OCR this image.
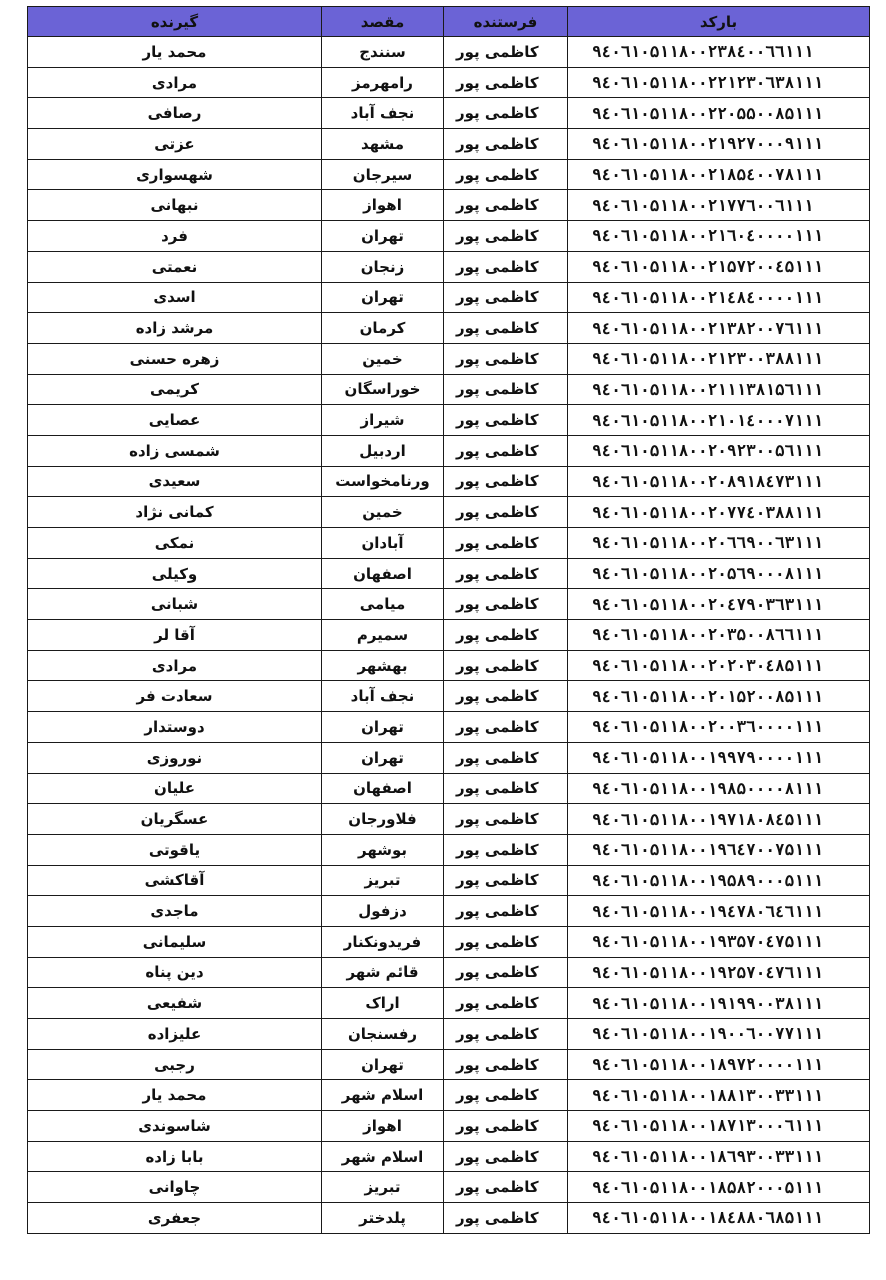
بارکد	فرستنده	مقصد	گیرنده
۹٤۰٦۱۰۵۱۱۸۰۰۲۳۸٤۰۰٦٦۱۱۱	کاظمی پور	سنندج	محمد یار
۹٤۰٦۱۰۵۱۱۸۰۰۲۲۱۲۳۰٦۳۸۱۱۱	کاظمی پور	رامهرمز	مرادی
۹٤۰٦۱۰۵۱۱۸۰۰۲۲۰۵۵۰۰۸۵۱۱۱	کاظمی پور	نجف آباد	رصافی
۹٤۰٦۱۰۵۱۱۸۰۰۲۱۹۲۷۰۰۰۹۱۱۱	کاظمی پور	مشهد	عزتی
۹٤۰٦۱۰۵۱۱۸۰۰۲۱۸۵٤۰۰۷۸۱۱۱	کاظمی پور	سیرجان	شهسواری
۹٤۰٦۱۰۵۱۱۸۰۰۲۱۷۷٦۰۰٦۱۱۱	کاظمی پور	اهواز	نبهانی
۹٤۰٦۱۰۵۱۱۸۰۰۲۱٦۰٤۰۰۰۰۱۱۱	کاظمی پور	تهران	فرد
۹٤۰٦۱۰۵۱۱۸۰۰۲۱۵۷۲۰۰٤۵۱۱۱	کاظمی پور	زنجان	نعمتی
۹٤۰٦۱۰۵۱۱۸۰۰۲۱٤۸٤۰۰۰۰۱۱۱	کاظمی پور	تهران	اسدی
۹٤۰٦۱۰۵۱۱۸۰۰۲۱۳۸۲۰۰۷٦۱۱۱	کاظمی پور	کرمان	مرشد زاده
۹٤۰٦۱۰۵۱۱۸۰۰۲۱۲۳۰۰۳۸۸۱۱۱	کاظمی پور	خمین	زهره حسنی
۹٤۰٦۱۰۵۱۱۸۰۰۲۱۱۱۳۸۱۵٦۱۱۱	کاظمی پور	خوراسگان	کریمی
۹٤۰٦۱۰۵۱۱۸۰۰۲۱۰۱٤۰۰۰۷۱۱۱	کاظمی پور	شیراز	عصایی
۹٤۰٦۱۰۵۱۱۸۰۰۲۰۹۲۳۰۰۵٦۱۱۱	کاظمی پور	اردبیل	شمسی زاده
۹٤۰٦۱۰۵۱۱۸۰۰۲۰۸۹۱۸٤۷۳۱۱۱	کاظمی پور	ورنامخواست	سعیدی
۹٤۰٦۱۰۵۱۱۸۰۰۲۰۷۷٤۰۳۸۸۱۱۱	کاظمی پور	خمین	کمانی نژاد
۹٤۰٦۱۰۵۱۱۸۰۰۲۰٦٦۹۰۰٦۳۱۱۱	کاظمی پور	آبادان	نمکی
۹٤۰٦۱۰۵۱۱۸۰۰۲۰۵٦۹۰۰۰۸۱۱۱	کاظمی پور	اصفهان	وکیلی
۹٤۰٦۱۰۵۱۱۸۰۰۲۰٤۷۹۰۳٦۳۱۱۱	کاظمی پور	میامی	شبانی
۹٤۰٦۱۰۵۱۱۸۰۰۲۰۳۵۰۰۸٦٦۱۱۱	کاظمی پور	سمیرم	آقا لر
۹٤۰٦۱۰۵۱۱۸۰۰۲۰۲۰۳۰٤۸۵۱۱۱	کاظمی پور	بهشهر	مرادی
۹٤۰٦۱۰۵۱۱۸۰۰۲۰۱۵۲۰۰۸۵۱۱۱	کاظمی پور	نجف آباد	سعادت فر
۹٤۰٦۱۰۵۱۱۸۰۰۲۰۰۳٦۰۰۰۰۱۱۱	کاظمی پور	تهران	دوستدار
۹٤۰٦۱۰۵۱۱۸۰۰۱۹۹۷۹۰۰۰۰۱۱۱	کاظمی پور	تهران	نوروزی
۹٤۰٦۱۰۵۱۱۸۰۰۱۹۸۵۰۰۰۰۸۱۱۱	کاظمی پور	اصفهان	علیان
۹٤۰٦۱۰۵۱۱۸۰۰۱۹۷۱۸۰۸٤۵۱۱۱	کاظمی پور	فلاورجان	عسگریان
۹٤۰٦۱۰۵۱۱۸۰۰۱۹٦٤۷۰۰۷۵۱۱۱	کاظمی پور	بوشهر	یاقوتی
۹٤۰٦۱۰۵۱۱۸۰۰۱۹۵۸۹۰۰۰۵۱۱۱	کاظمی پور	تبریز	آقاکشی
۹٤۰٦۱۰۵۱۱۸۰۰۱۹٤۷۸۰٦٤٦۱۱۱	کاظمی پور	دزفول	ماجدی
۹٤۰٦۱۰۵۱۱۸۰۰۱۹۳۵۷۰٤۷۵۱۱۱	کاظمی پور	فریدونکنار	سلیمانی
۹٤۰٦۱۰۵۱۱۸۰۰۱۹۲۵۷۰٤۷٦۱۱۱	کاظمی پور	قائم شهر	دین پناه
۹٤۰٦۱۰۵۱۱۸۰۰۱۹۱۹۹۰۰۳۸۱۱۱	کاظمی پور	اراک	شفیعی
۹٤۰٦۱۰۵۱۱۸۰۰۱۹۰۰٦۰۰۷۷۱۱۱	کاظمی پور	رفسنجان	علیزاده
۹٤۰٦۱۰۵۱۱۸۰۰۱۸۹۷۲۰۰۰۰۱۱۱	کاظمی پور	تهران	رجبی
۹٤۰٦۱۰۵۱۱۸۰۰۱۸۸۱۳۰۰۳۳۱۱۱	کاظمی پور	اسلام شهر	محمد یار
۹٤۰٦۱۰۵۱۱۸۰۰۱۸۷۱۳۰۰۰٦۱۱۱	کاظمی پور	اهواز	شاسوندی
۹٤۰٦۱۰۵۱۱۸۰۰۱۸٦۹۳۰۰۳۳۱۱۱	کاظمی پور	اسلام شهر	بابا زاده
۹٤۰٦۱۰۵۱۱۸۰۰۱۸۵۸۲۰۰۰۵۱۱۱	کاظمی پور	تبریز	چاوانی
۹٤۰٦۱۰۵۱۱۸۰۰۱۸٤۸۸۰٦۸۵۱۱۱	کاظمی پور	پلدختر	جعفری
